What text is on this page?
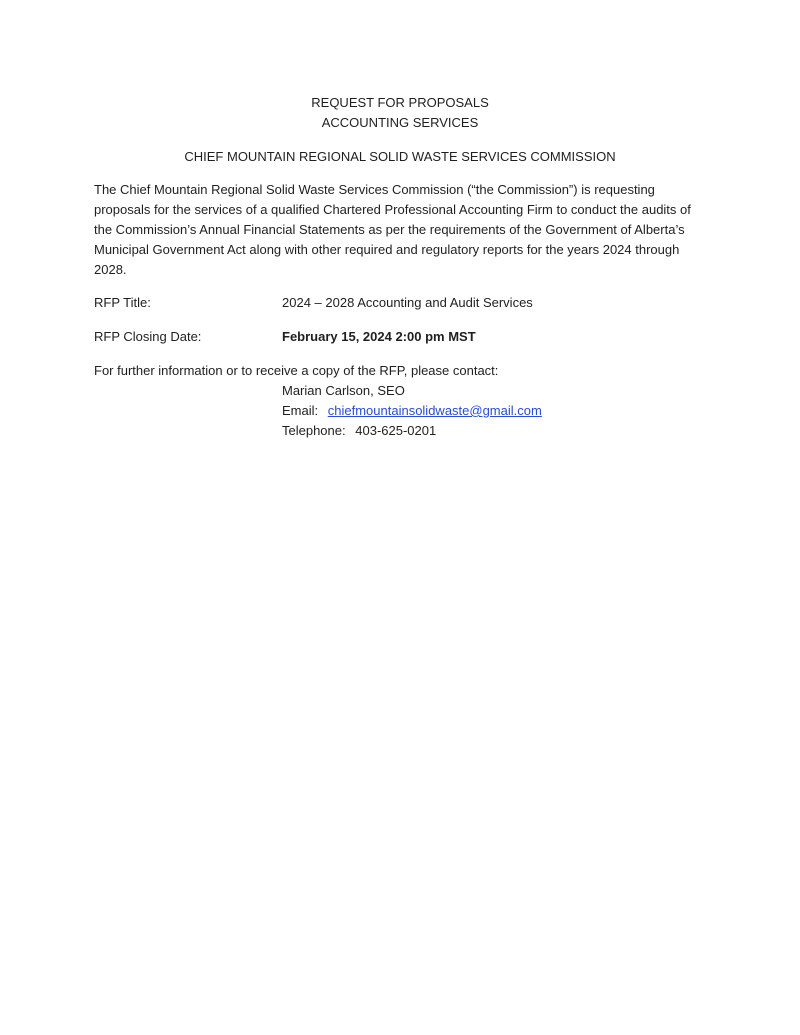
REQUEST FOR PROPOSALS
ACCOUNTING SERVICES
CHIEF MOUNTAIN REGIONAL SOLID WASTE SERVICES COMMISSION
The Chief Mountain Regional Solid Waste Services Commission (“the Commission”) is requesting proposals for the services of a qualified Chartered Professional Accounting Firm to conduct the audits of the Commission’s Annual Financial Statements as per the requirements of the Government of Alberta’s Municipal Government Act along with other required and regulatory reports for the years 2024 through 2028.
RFP Title:	2024 – 2028 Accounting and Audit Services
RFP Closing Date:	February 15, 2024 2:00 pm MST
For further information or to receive a copy of the RFP, please contact:
Marian Carlson, SEO
Email: chiefmountainsolidwaste@gmail.com
Telephone: 403-625-0201
